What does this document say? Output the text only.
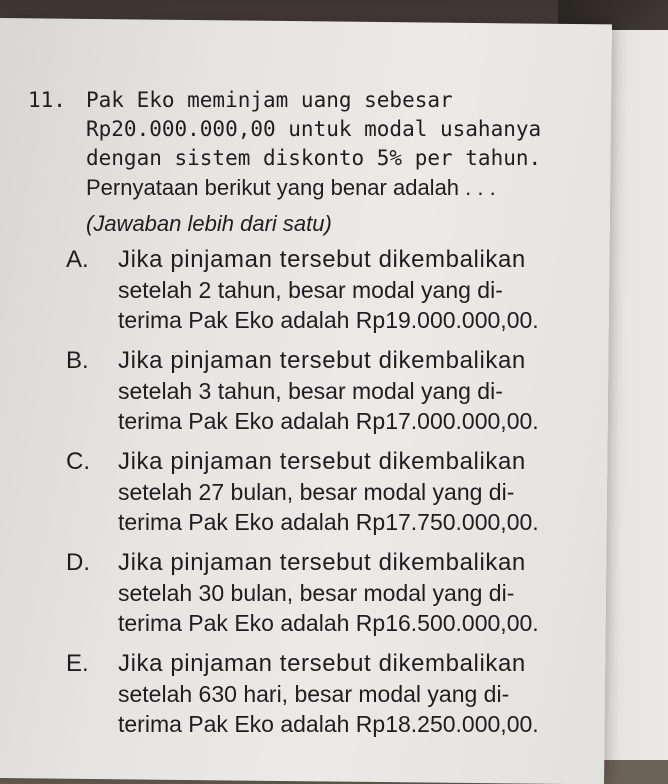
11. Pak Eko meminjam uang sebesar
Rp20.000.000,00 untuk modal usahanya
dengan sistem diskonto 5% per tahun.
Pernyataan berikut yang benar adalah . . .
(Jawaban lebih dari satu)
A.	Jika pinjaman tersebut dikembalikan
setelah 2 tahun, besar modal yang di-
terima Pak Eko adalah Rp19.000.000,00.
B.	Jika pinjaman tersebut dikembalikan
setelah 3 tahun, besar modal yang di-
terima Pak Eko adalah Rp17.000.000,00.
C.	Jika pinjaman tersebut dikembalikan
setelah 27 bulan, besar modal yang di-
terima Pak Eko adalah Rp17.750.000,00.
D.	Jika pinjaman tersebut dikembalikan
setelah 30 bulan, besar modal yang di-
terima Pak Eko adalah Rp16.500.000,00.
E.	Jika pinjaman tersebut dikembalikan
setelah 630 hari, besar modal yang di-
terima Pak Eko adalah Rp18.250.000,00.
